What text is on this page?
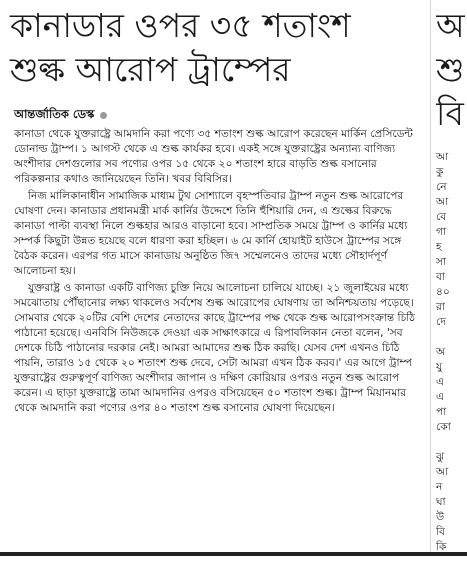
কানাডার ওপর ৩৫ শতাংশ
শুল্ক আরোপ ট্রাম্পের
আন্তর্জাতিক ডেস্ক

কানাডা থেকে যুক্তরাষ্ট্রে আমদানি করা পণ্যে ৩৫ শতাংশ শুল্ক আরোপ করেছেন মার্কিন প্রেসিডেন্ট ডোনাল্ড ট্রাম্প। ১ আগস্ট থেকে এ শুল্ক কার্যকর হবে। একই সঙ্গে যুক্তরাষ্ট্রের অন্যান্য বাণিজ্য অংশীদার দেশগুলোর সব পণ্যের ওপর ১৫ থেকে ২০ শতাংশ হারে বাড়তি শুল্ক বসানোর পরিকল্পনার কথাও জানিয়েছেন তিনি। খবর বিবিসির।

নিজ মালিকানাধীন সামাজিক মাধ্যম টুথ সোশ্যালে বৃহস্পতিবার ট্রাম্প নতুন শুল্ক আরোপের ঘোষণা দেন। কানাডার প্রধানমন্ত্রী মার্ক কার্নির উদ্দেশে তিনি হুঁশিয়ারি দেন, এ শুল্কের বিরুদ্ধে কানাডা পাল্টা ব্যবস্থা নিলে শুল্কহার আরও বাড়ানো হবে। সাম্প্রতিক সময়ে ট্রাম্প ও কার্নির মধ্যে সম্পর্ক কিছুটা উন্নত হয়েছে বলে ধারণা করা হচ্ছিল। ৬ মে কার্নি হোয়াইট হাউসে ট্রাম্পের সঙ্গে বৈঠক করেন। এরপর গত মাসে কানাডায় অনুষ্ঠিত জি৭ সম্মেলনেও তাদের মধ্যে সৌহার্দপূর্ণ আলোচনা হয়।

যুক্তরাষ্ট্র ও কানাডা একটি বাণিজ্য চুক্তি নিয়ে আলোচনা চালিয়ে যাচ্ছে। ২১ জুলাইয়ের মধ্যে সমঝোতায় পৌঁছানোর লক্ষ্য থাকলেও সর্বশেষ শুল্ক আরোপের ঘোষণায় তা অনিশ্চয়তায় পড়েছে। সোমবার থেকে ২০টির বেশি দেশের নেতাদের কাছে ট্রাম্পের পক্ষ থেকে শুল্ক আরোপসংক্রান্ত চিঠি পাঠানো হয়েছে। এনবিসি নিউজকে দেওয়া এক সাক্ষাৎকারে এ রিপাবলিকান নেতা বলেন, 'সব দেশকে চিঠি পাঠানোর দরকার নেই। আমরা আমাদের শুল্ক ঠিক করছি। যেসব দেশ এখনও চিঠি পায়নি, তারাও ১৫ থেকে ২০ শতাংশ শুল্ক দেবে, সেটা আমরা এখন ঠিক করব।' এর আগে ট্রাম্প যুক্তরাষ্ট্রের গুরুত্বপূর্ণ বাণিজ্য অংশীদার জাপান ও দক্ষিণ কোরিয়ার ওপরও নতুন শুল্ক আরোপ করেন। এ ছাড়া যুক্তরাষ্ট্রে তামা আমদানির ওপরও বসিয়েছেন ৫০ শতাংশ শুল্ক। ট্রাম্প মিয়ানমার থেকে আমদানি করা পণ্যের ওপর ৪০ শতাংশ শুল্ক বসানোর ঘোষণা দিয়েছেন।

অ
শু
বি
আ
কু
নে
আ
বে
গা
হ
সা
বা
৪০
রা
দে

অ
যু
এ
এ
পা
কো

ঝু
আ
ন
ঘা
উ
বি
কি
